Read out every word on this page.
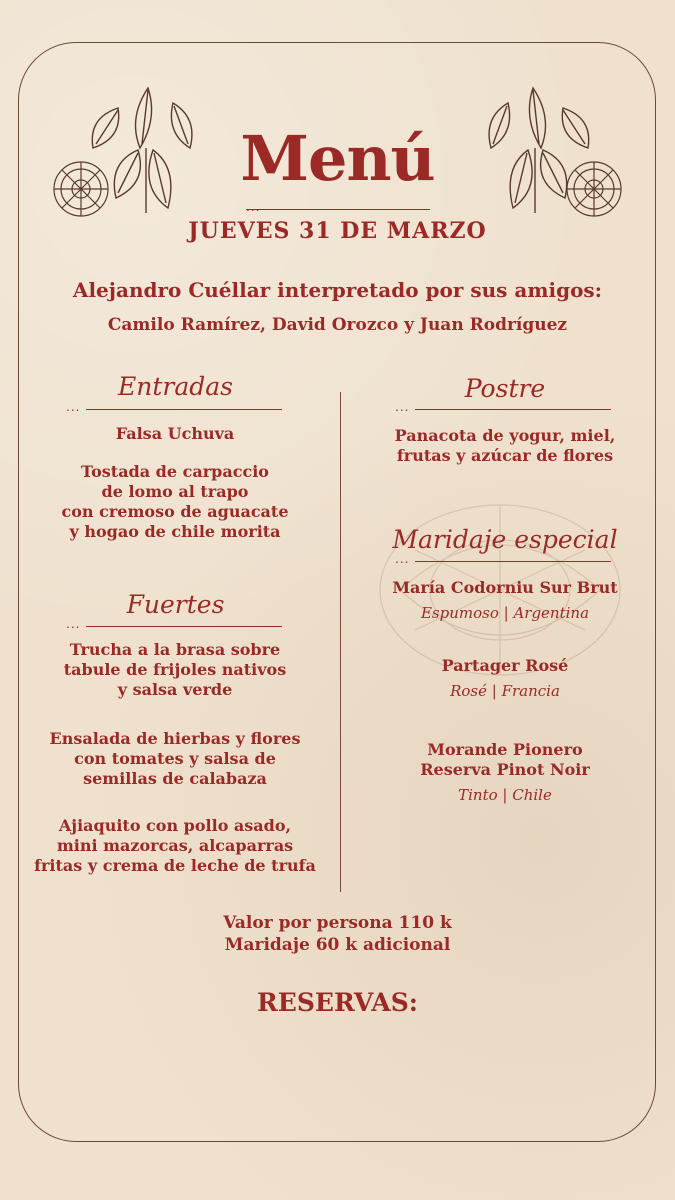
Menú
...
JUEVES 31 DE MARZO
Alejandro Cuéllar interpretado por sus amigos:
Camilo Ramírez, David Orozco y Juan Rodríguez
Entradas
...
Falsa Uchuva
Tostada de carpaccio
de lomo al trapo
con cremoso de aguacate
y hogao de chile morita
Fuertes
...
Trucha a la brasa sobre
tabule de frijoles nativos
y salsa verde
Ensalada de hierbas y flores
con tomates y salsa de
semillas de calabaza
Ajiaquito con pollo asado,
mini mazorcas, alcaparras
fritas y crema de leche de trufa
Postre
...
Panacota de yogur, miel,
frutas y azúcar de flores
Maridaje especial
...
María Codorniu Sur Brut
Espumoso | Argentina
Partager Rosé
Rosé | Francia
Morande Pionero
Reserva Pinot Noir
Tinto | Chile
Valor por persona 110 k
Maridaje 60 k adicional
RESERVAS:
